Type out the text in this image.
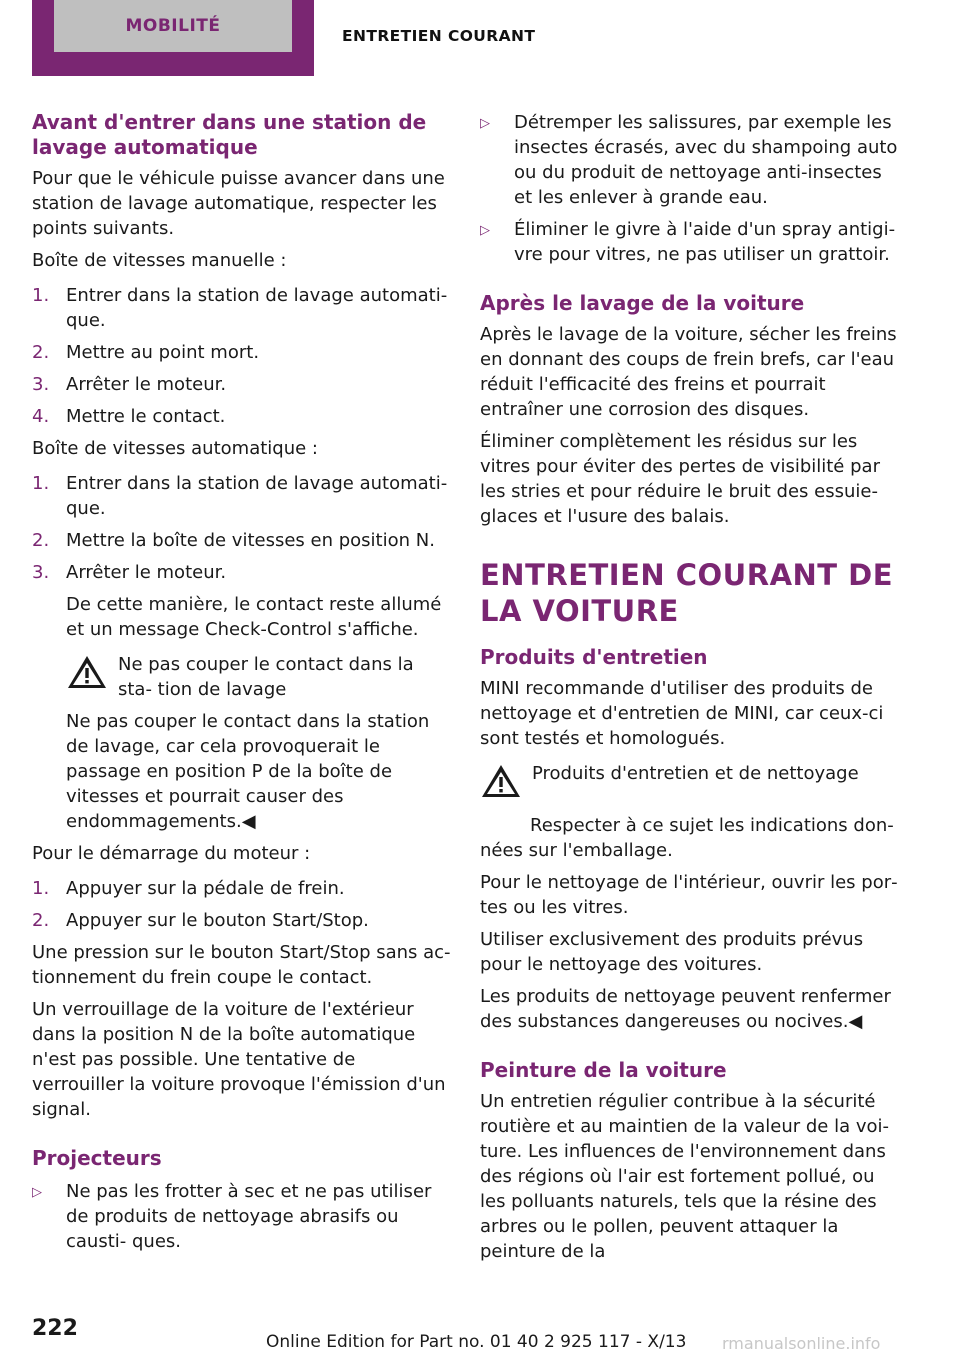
MOBILITÉ	ENTRETIEN COURANT
Avant d'entrer dans une station de lavage automatique
Pour que le véhicule puisse avancer dans une station de lavage automatique, respecter les points suivants.
Boîte de vitesses manuelle :
1. Entrer dans la station de lavage automati‐ que.
2. Mettre au point mort.
3. Arrêter le moteur.
4. Mettre le contact.
Boîte de vitesses automatique :
1. Entrer dans la station de lavage automati‐ que.
2. Mettre la boîte de vitesses en position N.
3. Arrêter le moteur.
De cette manière, le contact reste allumé et un message Check-Control s'affiche.
Ne pas couper le contact dans la sta‐ tion de lavage
Ne pas couper le contact dans la station de lavage, car cela provoquerait le passage en position P de la boîte de vitesses et pourrait causer des endommagements.◀
Pour le démarrage du moteur :
1. Appuyer sur la pédale de frein.
2. Appuyer sur le bouton Start/Stop.
Une pression sur le bouton Start/Stop sans ac‐ tionnement du frein coupe le contact.
Un verrouillage de la voiture de l'extérieur dans la position N de la boîte automatique n'est pas possible. Une tentative de verrouiller la voiture provoque l'émission d'un signal.
Projecteurs
▷	Ne pas les frotter à sec et ne pas utiliser de produits de nettoyage abrasifs ou causti‐ ques.
▷	Détremper les salissures, par exemple les insectes écrasés, avec du shampoing auto ou du produit de nettoyage anti-insectes et les enlever à grande eau.
▷	Éliminer le givre à l'aide d'un spray antigi‐ vre pour vitres, ne pas utiliser un grattoir.
Après le lavage de la voiture
Après le lavage de la voiture, sécher les freins en donnant des coups de frein brefs, car l'eau réduit l'efficacité des freins et pourrait entraîner une corrosion des disques.
Éliminer complètement les résidus sur les vitres pour éviter des pertes de visibilité par les stries et pour réduire le bruit des essuie-glaces et l'usure des balais.
ENTRETIEN COURANT DE LA VOITURE
Produits d'entretien
MINI recommande d'utiliser des produits de nettoyage et d'entretien de MINI, car ceux-ci sont testés et homologués.
Produits d'entretien et de nettoyage
Respecter à ce sujet les indications don‐ nées sur l'emballage.
Pour le nettoyage de l'intérieur, ouvrir les por‐ tes ou les vitres.
Utiliser exclusivement des produits prévus pour le nettoyage des voitures.
Les produits de nettoyage peuvent renfermer des substances dangereuses ou nocives.◀
Peinture de la voiture
Un entretien régulier contribue à la sécurité routière et au maintien de la valeur de la voi‐ ture. Les influences de l'environnement dans des régions où l'air est fortement pollué, ou les polluants naturels, tels que la résine des arbres ou le pollen, peuvent attaquer la peinture de la
222
Online Edition for Part no. 01 40 2 925 117 - X/13 rmanualsonline.info
